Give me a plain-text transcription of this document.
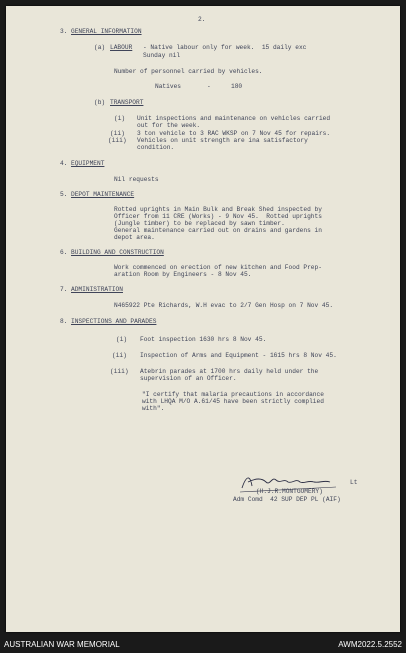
2.
3. GENERAL INFORMATION
(a) LABOUR - Native labour only for week.  15 daily exc
Sunday nil
Number of personnel carried by vehicles.
Natives	-	180
(b) TRANSPORT
(i) Unit inspections and maintenance on vehicles carried
out for the week.
(ii) 3 ton vehicle to 3 RAC WKSP on 7 Nov 45 for repairs.
(iii) Vehicles on unit strength are ina satisfactory
condition.
4. EQUIPMENT
Nil requests
5. DEPOT MAINTENANCE
Rotted uprights in Main Bulk and Break Shed inspected by
Officer from 11 CRE (Works) - 9 Nov 45.  Rotted uprights
(Jungle timber) to be replaced by sawn timber.
General maintenance carried out on drains and gardens in
depot area.
6. BUILDING AND CONSTRUCTION
Work commenced on erection of new kitchen and Food Prep-
aration Room by Engineers - 8 Nov 45.
7. ADMINISTRATION
N465922 Pte Richards, W.H evac to 2/7 Gen Hosp on 7 Nov 45.
8. INSPECTIONS AND PARADES
(i) Foot inspection 1630 hrs 8 Nov 45.
(ii) Inspection of Arms and Equipment - 1615 hrs 8 Nov 45.
(iii) Atebrin parades at 1700 hrs daily held under the
supervision of an Officer.
"I certify that malaria precautions in accordance
with LHQA M/O A.61/45 have been strictly complied
with".
Lt
(H.J.R.MONTGOMERY)
Adm Comd  42 SUP DEP PL (AIF)
AUSTRALIAN WAR MEMORIAL	AWM2022.5.2552
